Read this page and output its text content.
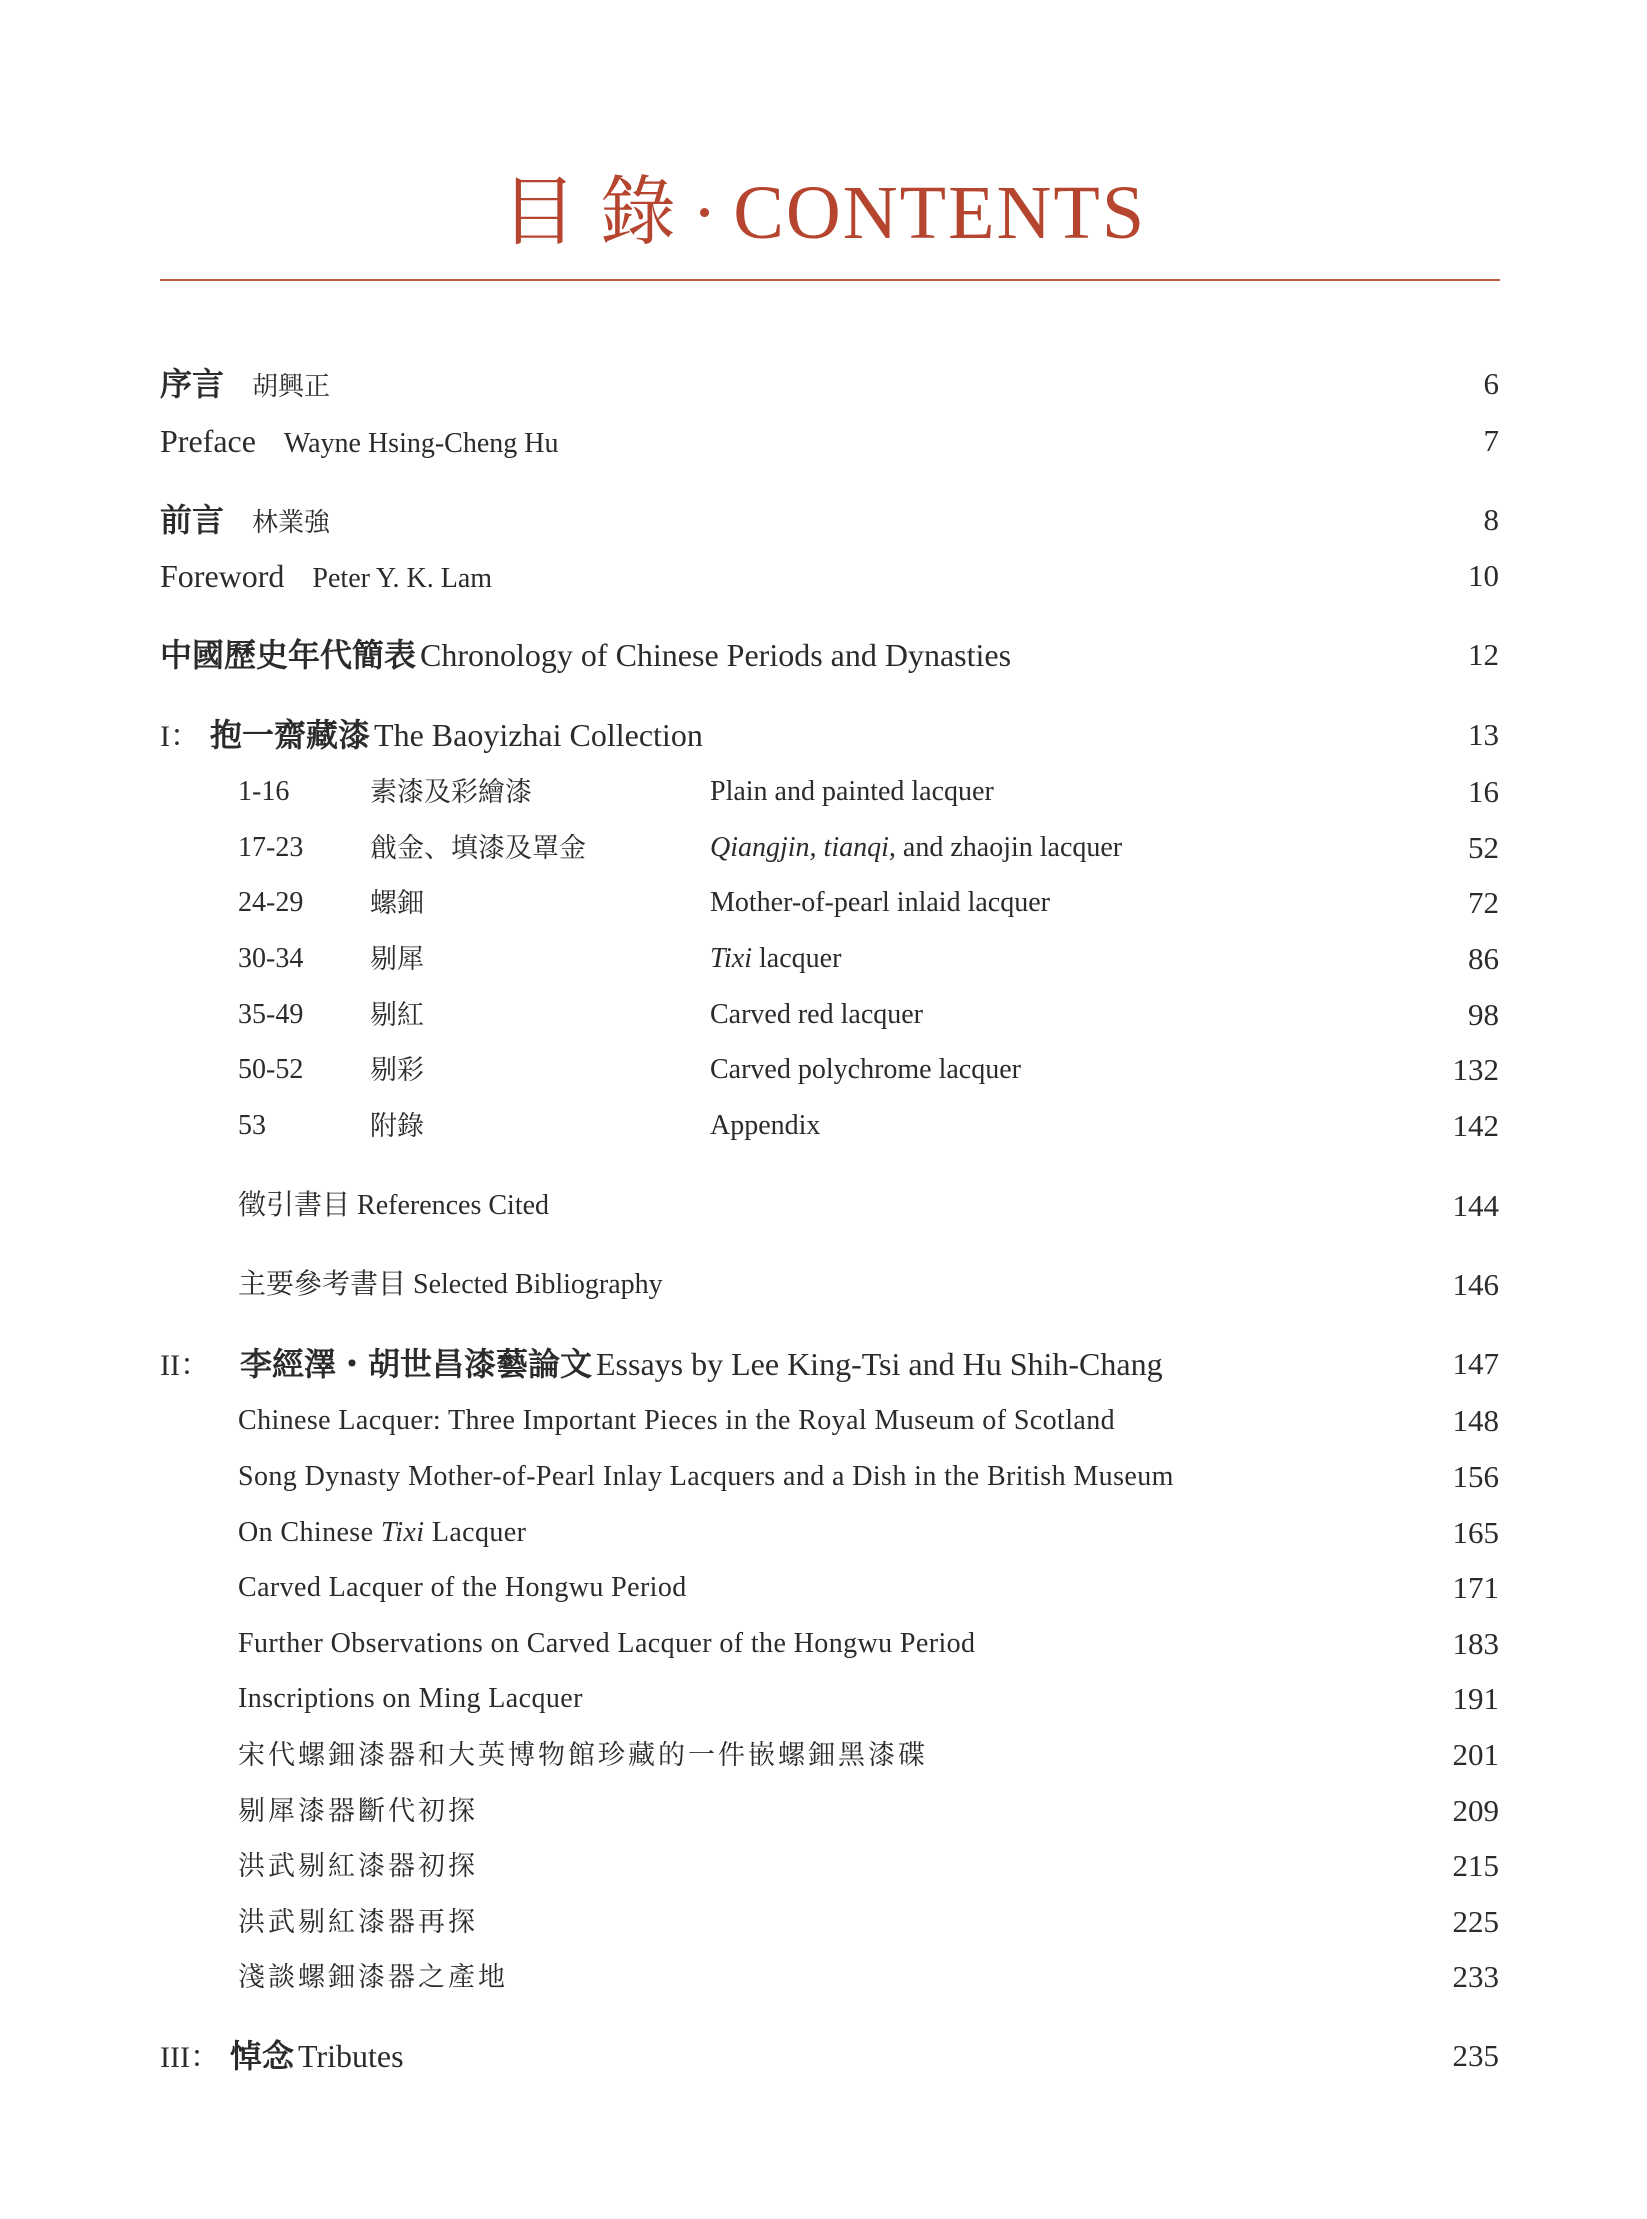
目 錄 · CONTENTS
序言 胡興正	6
Preface Wayne Hsing-Cheng Hu	7
前言 林業強	8
Foreword Peter Y. K. Lam	10
中國歷史年代簡表 Chronology of Chinese Periods and Dynasties	12
I： 抱一齋藏漆 The Baoyizhai Collection	13
1-16	素漆及彩繪漆	Plain and painted lacquer	16
17-23 戧金、填漆及罩金	Qiangjin, tianqi, and zhaojin lacquer	52
24-29 螺鈿	Mother-of-pearl inlaid lacquer	72
30-34 剔犀	Tixi lacquer	86
35-49 剔紅	Carved red lacquer	98
50-52 剔彩	Carved polychrome lacquer	132
53	附錄	Appendix	142
徵引書目 References Cited	144
主要參考書目 Selected Bibliography	146
II： 李經澤・胡世昌漆藝論文 Essays by Lee King-Tsi and Hu Shih-Chang	147
Chinese Lacquer: Three Important Pieces in the Royal Museum of Scotland	148
Song Dynasty Mother-of-Pearl Inlay Lacquers and a Dish in the British Museum	156
On Chinese Tixi Lacquer	165
Carved Lacquer of the Hongwu Period	171
Further Observations on Carved Lacquer of the Hongwu Period	183
Inscriptions on Ming Lacquer	191
宋代螺鈿漆器和大英博物館珍藏的一件嵌螺鈿黑漆碟	201
剔犀漆器斷代初探	209
洪武剔紅漆器初探	215
洪武剔紅漆器再探	225
淺談螺鈿漆器之產地	233
III： 悼念 Tributes	235
